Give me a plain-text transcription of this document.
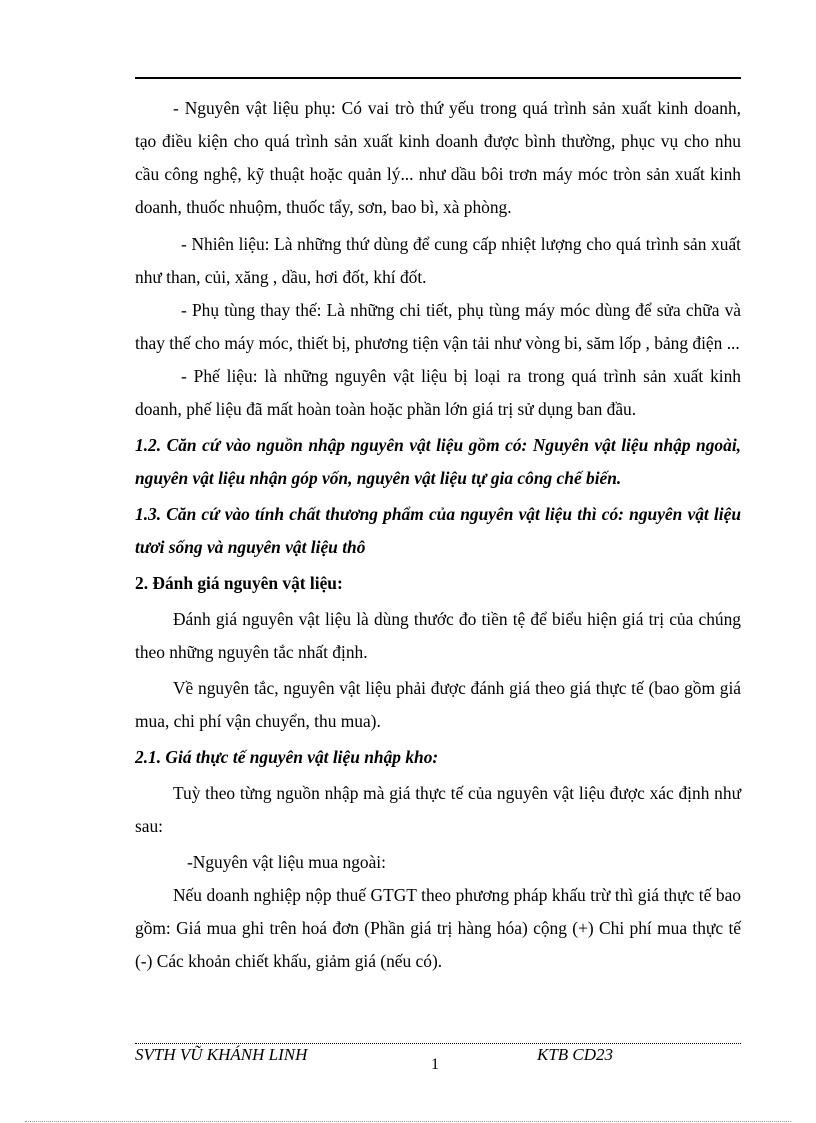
- Nguyên vật liệu phụ: Có vai trò thứ yếu trong quá trình sản xuất kinh doanh, tạo điều kiện cho quá trình sản xuất kinh doanh được bình thường, phục vụ cho nhu cầu công nghệ, kỹ thuật hoặc quản lý... như dầu bôi trơn máy móc tròn sản xuất kinh doanh, thuốc nhuộm, thuốc tẩy, sơn, bao bì, xà phòng.

- Nhiên liệu: Là những thứ dùng để cung cấp nhiệt lượng cho quá trình sản xuất như than, củi, xăng , dầu, hơi đốt, khí đốt.

- Phụ tùng thay thế: Là những chi tiết, phụ tùng máy móc dùng để sửa chữa và thay thế cho máy móc, thiết bị, phương tiện vận tải như vòng bi, săm lốp , bảng điện ...

- Phế liệu: là những nguyên vật liệu bị loại ra trong quá trình sản xuất kinh doanh, phế liệu đã mất hoàn toàn hoặc phần lớn giá trị sử dụng ban đầu.

1.2. Căn cứ vào nguồn nhập nguyên vật liệu gồm có: Nguyên vật liệu nhập ngoài, nguyên vật liệu nhận góp vốn, nguyên vật liệu tự gia công chế biến.

1.3. Căn cứ vào tính chất thương phẩm của nguyên vật liệu thì có: nguyên vật liệu tươi sống và nguyên vật liệu thô

2. Đánh giá nguyên vật liệu:

Đánh giá nguyên vật liệu là dùng thước đo tiền tệ để biểu hiện giá trị của chúng theo những nguyên tắc nhất định.

Về nguyên tắc, nguyên vật liệu phải được đánh giá theo giá thực tế (bao gồm giá mua, chi phí vận chuyển, thu mua).

2.1. Giá thực tế nguyên vật liệu nhập kho:

Tuỳ theo từng nguồn nhập mà giá thực tế của nguyên vật liệu được xác định như sau:

-Nguyên vật liệu mua ngoài:

Nếu doanh nghiệp nộp thuế GTGT theo phương pháp khấu trừ thì giá thực tế bao gồm: Giá mua ghi trên hoá đơn (Phần giá trị hàng hóa) cộng (+) Chi phí mua thực tế (-) Các khoản chiết khấu, giảm giá (nếu có).

SVTH VŨ KHÁNH LINH	KTB CD23
1
